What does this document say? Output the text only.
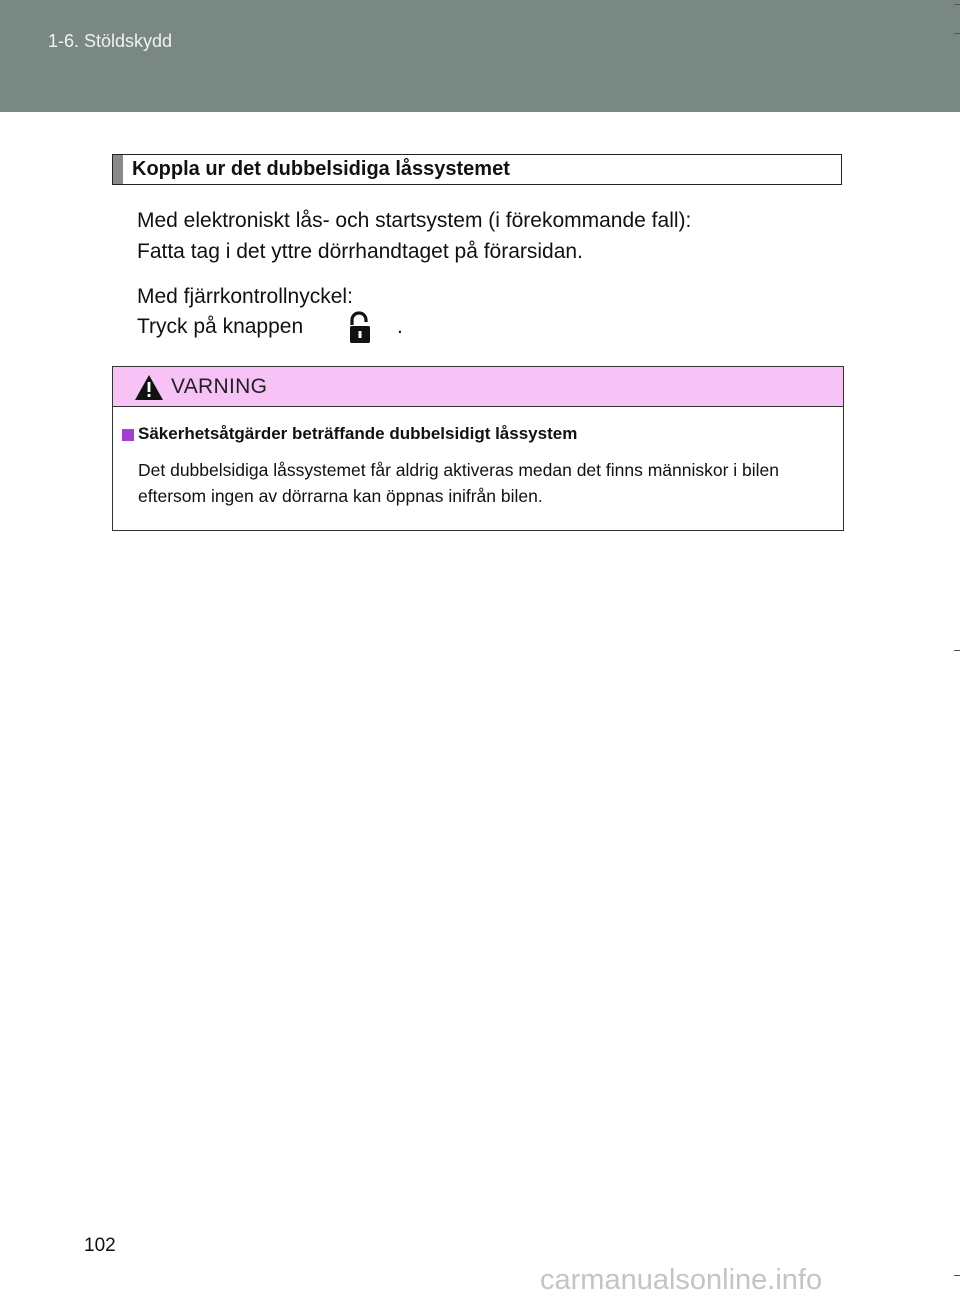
1-6. Stöldskydd
Koppla ur det dubbelsidiga låssystemet
Med elektroniskt lås- och startsystem (i förekommande fall):
Fatta tag i det yttre dörrhandtaget på förarsidan.
Med fjärrkontrollnyckel:
Tryck på knappen	.
VARNING
Säkerhetsåtgärder beträffande dubbelsidigt låssystem
Det dubbelsidiga låssystemet får aldrig aktiveras medan det finns människor i bilen eftersom ingen av dörrarna kan öppnas inifrån bilen.
102
carmanualsonline.info
